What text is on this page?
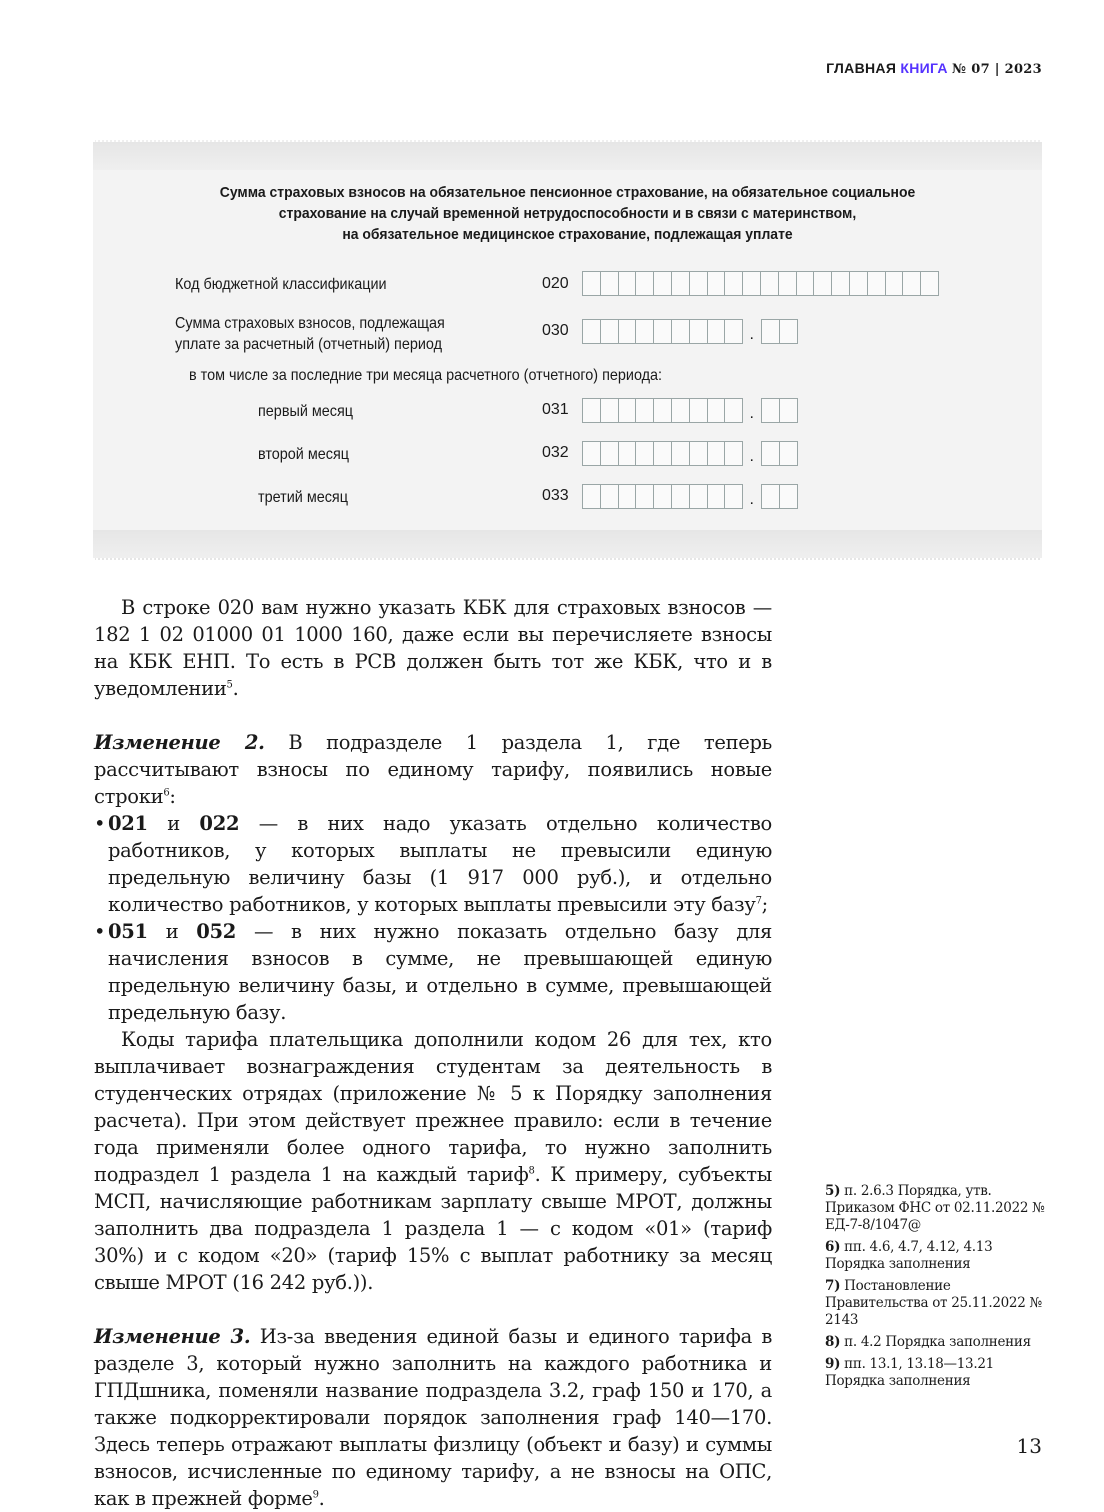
ГЛАВНАЯ КНИГА № 07 | 2023
Сумма страховых взносов на обязательное пенсионное страхование, на обязательное социальное
страхование на случай временной нетрудоспособности и в связи с материнством,
на обязательное медицинское страхование, подлежащая уплате
Код бюджетной классификации	020
Сумма страховых взносов, подлежащая
уплате за расчетный (отчетный) период
030	.
в том числе за последние три месяца расчетного (отчетного) периода:
первый месяц	031	.
второй месяц	032	.
третий месяц	033	.

В строке 020 вам нужно указать КБК для страховых взносов — 182 1 02 01000 01 1000 160, даже если вы перечисляете взносы на КБК ЕНП. То есть в РСВ должен быть тот же КБК, что и в уведомлении$^5$.

Изменение 2. В подразделе 1 раздела 1, где теперь рассчитывают взносы по единому тарифу, появились новые строки$^6$:

• 021 и 022 — в них надо указать отдельно количество работников, у которых выплаты не превысили единую предельную величину базы (1 917 000 руб.), и отдельно количество работников, у которых выплаты превысили эту базу$^7$;
• 051 и 052 — в них нужно показать отдельно базу для начисления взносов в сумме, не превышающей единую предельную величину базы, и отдельно в сумме, превышающей предельную базу.

Коды тарифа плательщика дополнили кодом 26 для тех, кто выплачивает вознаграждения студентам за деятельность в студенческих отрядах (приложение № 5 к Порядку заполнения расчета). При этом действует прежнее правило: если в течение года применяли более одного тарифа, то нужно заполнить подраздел 1 раздела 1 на каждый тариф$^8$. К примеру, субъекты МСП, начисляющие работникам зарплату свыше МРОТ, должны заполнить два подраздела 1 раздела 1 — с кодом «01» (тариф 30%) и с кодом «20» (тариф 15% с выплат работнику за месяц свыше МРОТ (16 242 руб.)).

Изменение 3. Из-за введения единой базы и единого тарифа в разделе 3, который нужно заполнить на каждого работника и ГПДшника, поменяли название подраздела 3.2, граф 150 и 170, а также подкорректировали порядок заполнения граф 140—170. Здесь теперь отражают выплаты физлицу (объект и базу) и суммы взносов, исчисленные по единому тарифу, а не взносы на ОПС, как в прежней форме$^9$.

5) п. 2.6.3 Порядка, утв. Приказом ФНС от 02.11.2022 № ЕД-7-8/1047@
6) пп. 4.6, 4.7, 4.12, 4.13 Порядка заполнения
7) Постановление Правительства от 25.11.2022 № 2143
8) п. 4.2 Порядка заполнения
9) пп. 13.1, 13.18—13.21 Порядка заполнения
13
